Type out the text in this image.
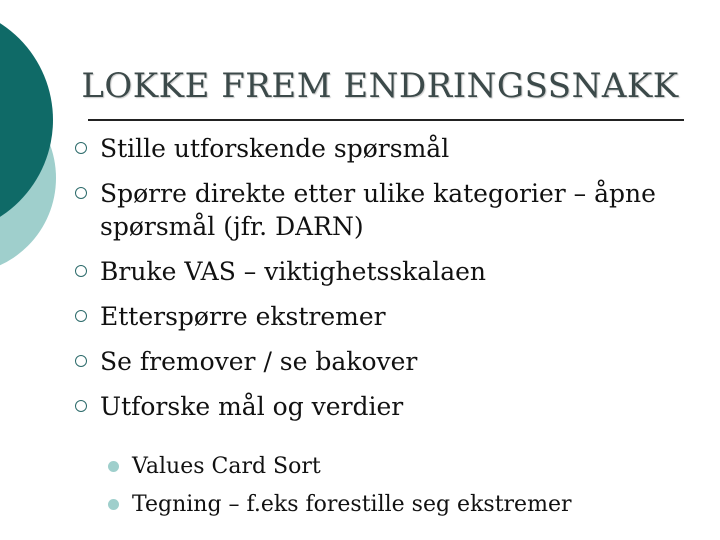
LOKKE FREM ENDRINGSSNAKK
Stille utforskende spørsmål
Spørre direkte etter ulike kategorier – åpne spørsmål (jfr. DARN)
Bruke VAS – viktighetsskalaen
Etterspørre ekstremer
Se fremover / se bakover
Utforske mål og verdier
Values Card Sort
Tegning – f.eks forestille seg ekstremer
